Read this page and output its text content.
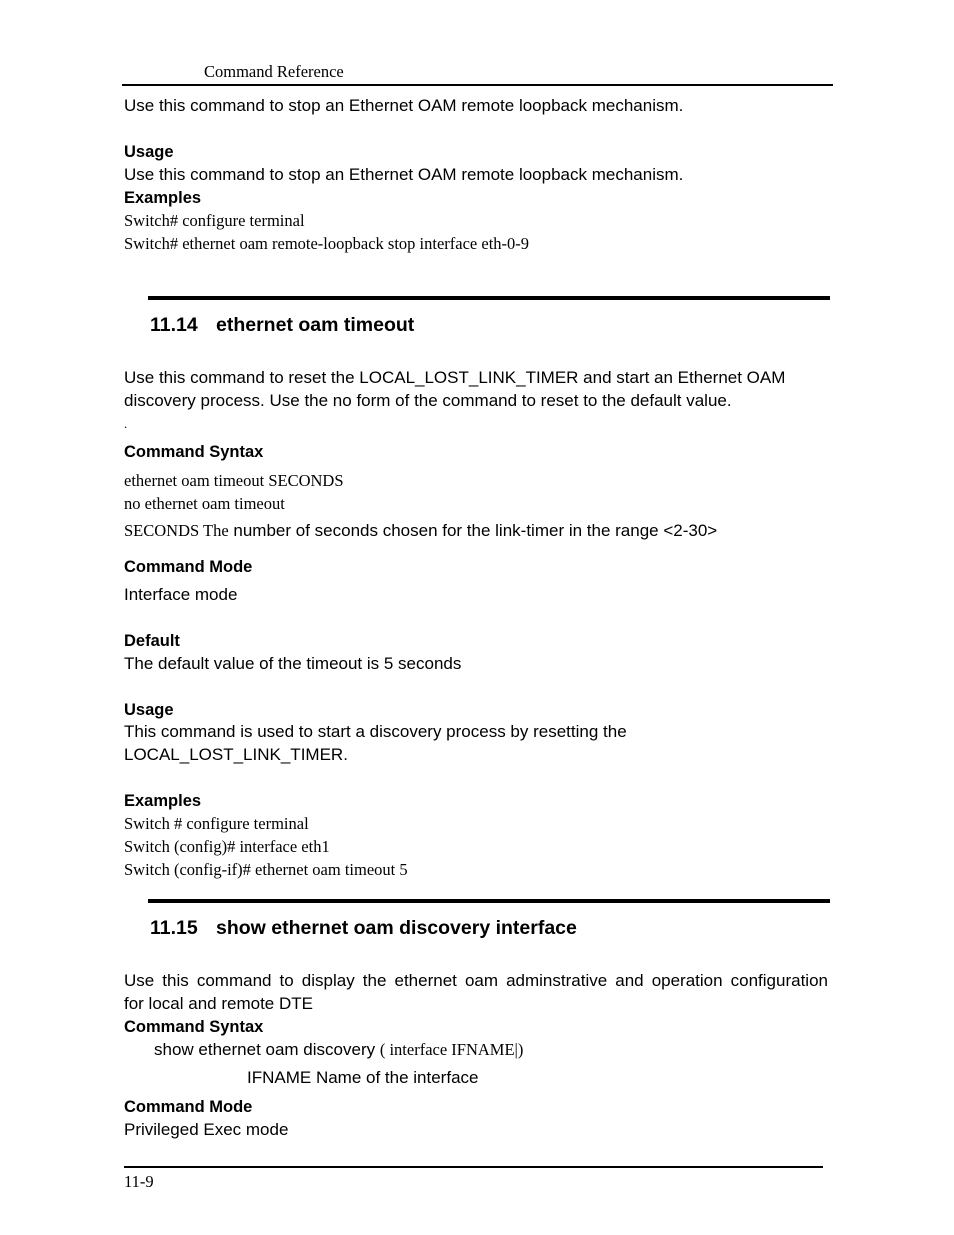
Command Reference
Use this command to stop an Ethernet OAM remote loopback mechanism.
Usage
Use this command to stop an Ethernet OAM remote loopback mechanism.
Examples
Switch# configure terminal
Switch# ethernet oam remote-loopback stop interface eth-0-9
11.14 ethernet oam timeout
Use this command to reset the LOCAL_LOST_LINK_TIMER and start an Ethernet OAM
discovery process. Use the no form of the command to reset to the default value.
.
Command Syntax
ethernet oam timeout SECONDS
no ethernet oam timeout
SECONDS The number of seconds chosen for the link-timer in the range <2-30>
Command Mode
Interface mode
Default
The default value of the timeout is 5 seconds
Usage
This command is used to start a discovery process by resetting the
LOCAL_LOST_LINK_TIMER.
Examples
Switch # configure terminal
Switch (config)# interface eth1
Switch (config-if)# ethernet oam timeout 5
11.15 show ethernet oam discovery interface
Use this command to display the ethernet oam adminstrative and operation configuration
for local and remote DTE
Command Syntax
show ethernet oam discovery ( interface IFNAME|)
IFNAME Name of the interface
Command Mode
Privileged Exec mode
11-9
